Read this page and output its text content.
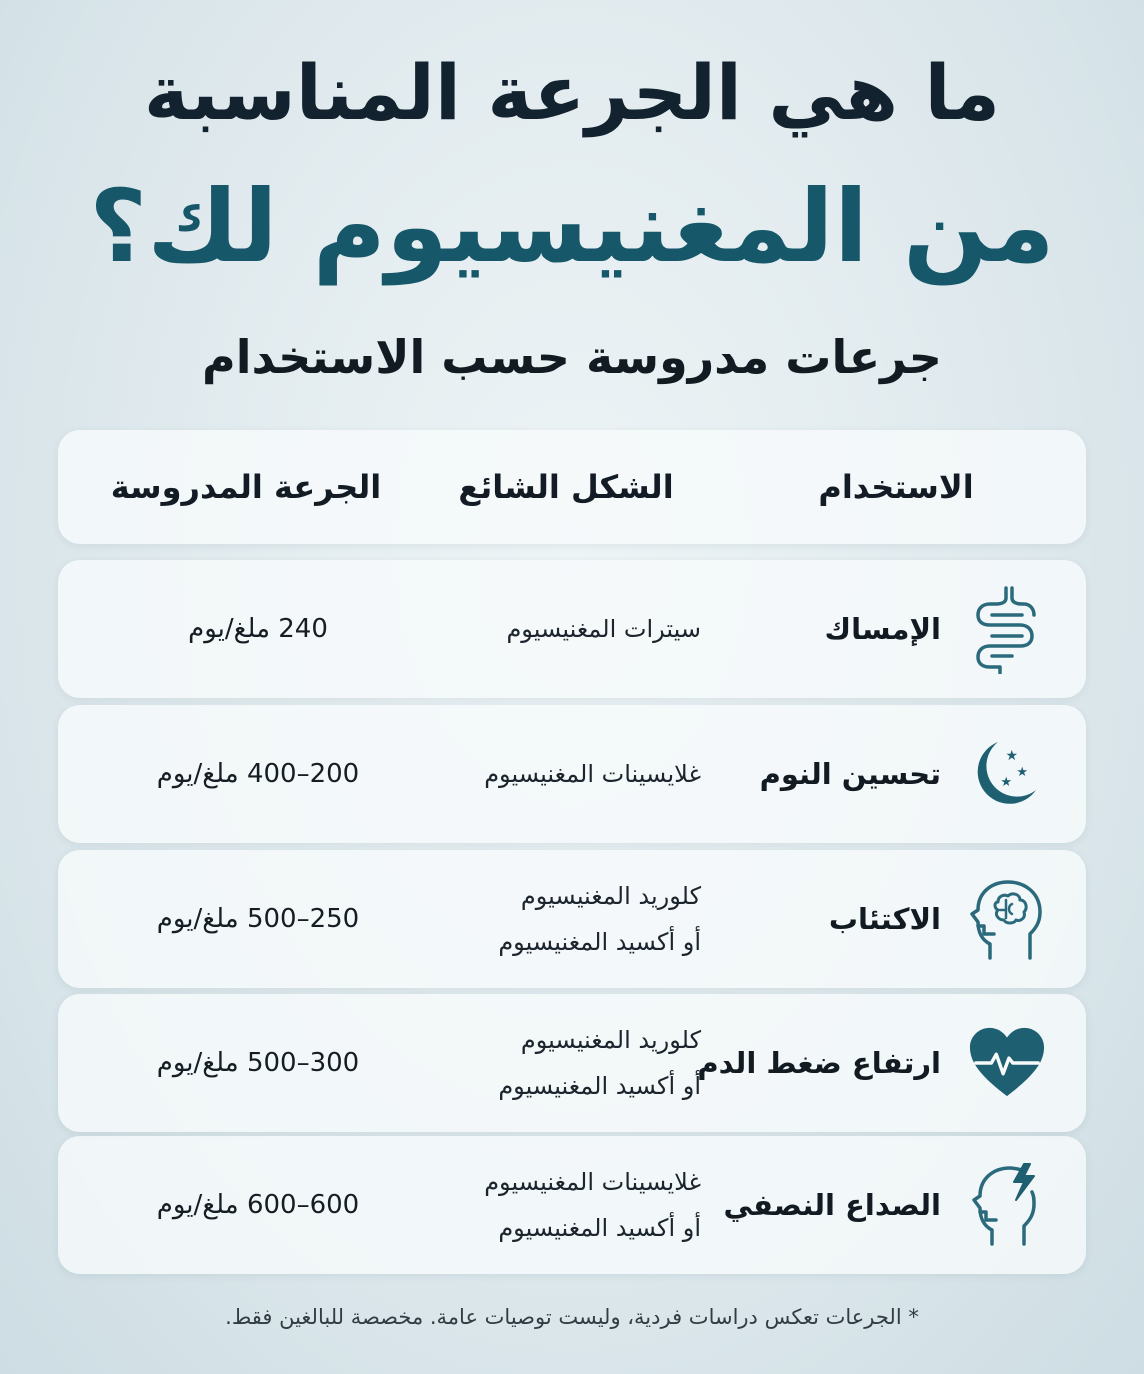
ما هي الجرعة المناسبة
من المغنيسيوم لك؟
جرعات مدروسة حسب الاستخدام
الاستخدام
الشكل الشائع
الجرعة المدروسة
الإمساك
سيترات المغنيسيوم
240 ملغ/يوم
★
★
★
تحسين النوم
غلايسينات المغنيسيوم
200–400 ملغ/يوم
الاكتئاب
كلوريد المغنيسيوم
أو أكسيد المغنيسيوم
250–500 ملغ/يوم
ارتفاع ضغط الدم
كلوريد المغنيسيوم
أو أكسيد المغنيسيوم
300–500 ملغ/يوم
الصداع النصفي
غلايسينات المغنيسيوم
أو أكسيد المغنيسيوم
600–600 ملغ/يوم
* الجرعات تعكس دراسات فردية، وليست توصيات عامة. مخصصة للبالغين فقط.
